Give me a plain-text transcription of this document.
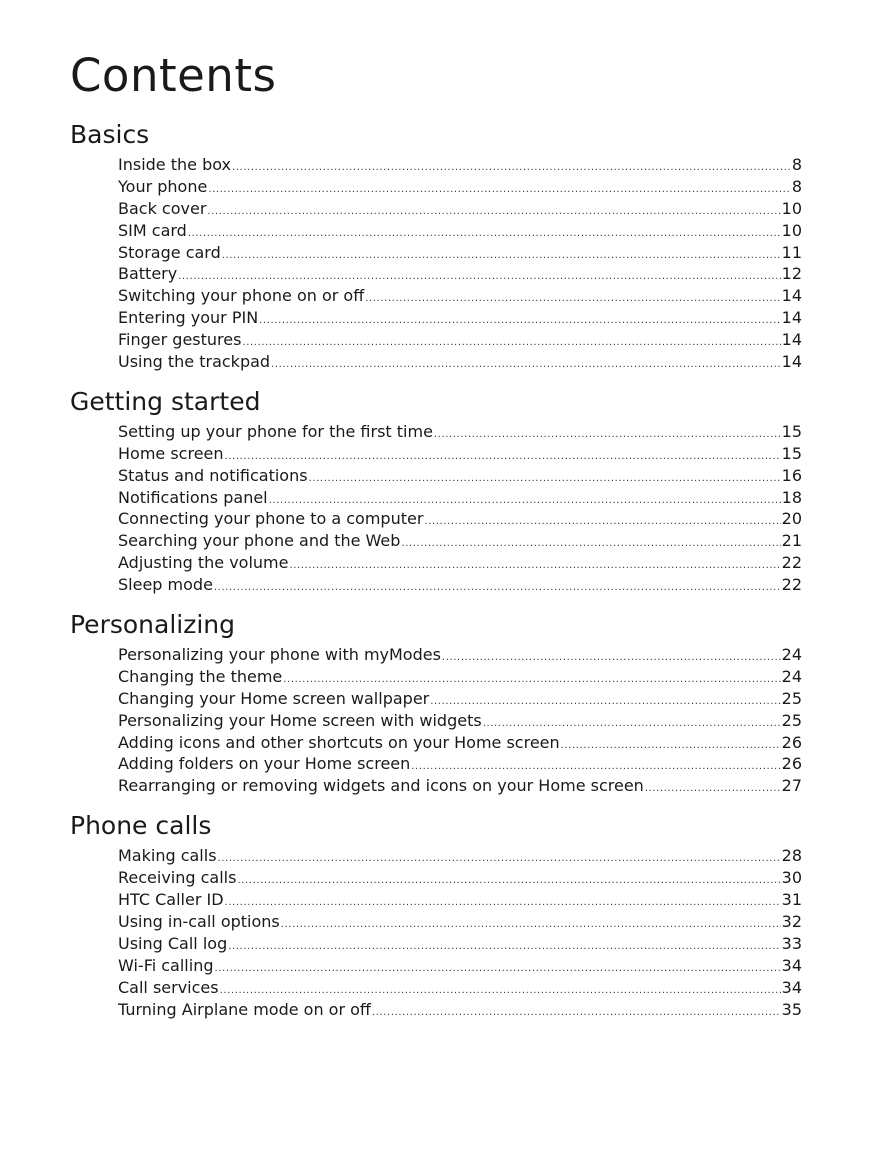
Contents
Basics
Inside the box .....	8
Your phone .....	8
Back cover .....	10
SIM card .....	10
Storage card .....	11
Battery .....	12
Switching your phone on or off .....	14
Entering your PIN .....	14
Finger gestures .....	14
Using the trackpad .....	14
Getting started
Setting up your phone for the first time .....	15
Home screen .....	15
Status and notifications .....	16
Notifications panel .....	18
Connecting your phone to a computer .....	20
Searching your phone and the Web .....	21
Adjusting the volume .....	22
Sleep mode .....	22
Personalizing
Personalizing your phone with myModes .....	24
Changing the theme .....	24
Changing your Home screen wallpaper .....	25
Personalizing your Home screen with widgets .....	25
Adding icons and other shortcuts on your Home screen .....	26
Adding folders on your Home screen .....	26
Rearranging or removing widgets and icons on your Home screen .....	27
Phone calls
Making calls .....	28
Receiving calls .....	30
HTC Caller ID .....	31
Using in-call options .....	32
Using Call log .....	33
Wi-Fi calling .....	34
Call services .....	34
Turning Airplane mode on or off .....	35
